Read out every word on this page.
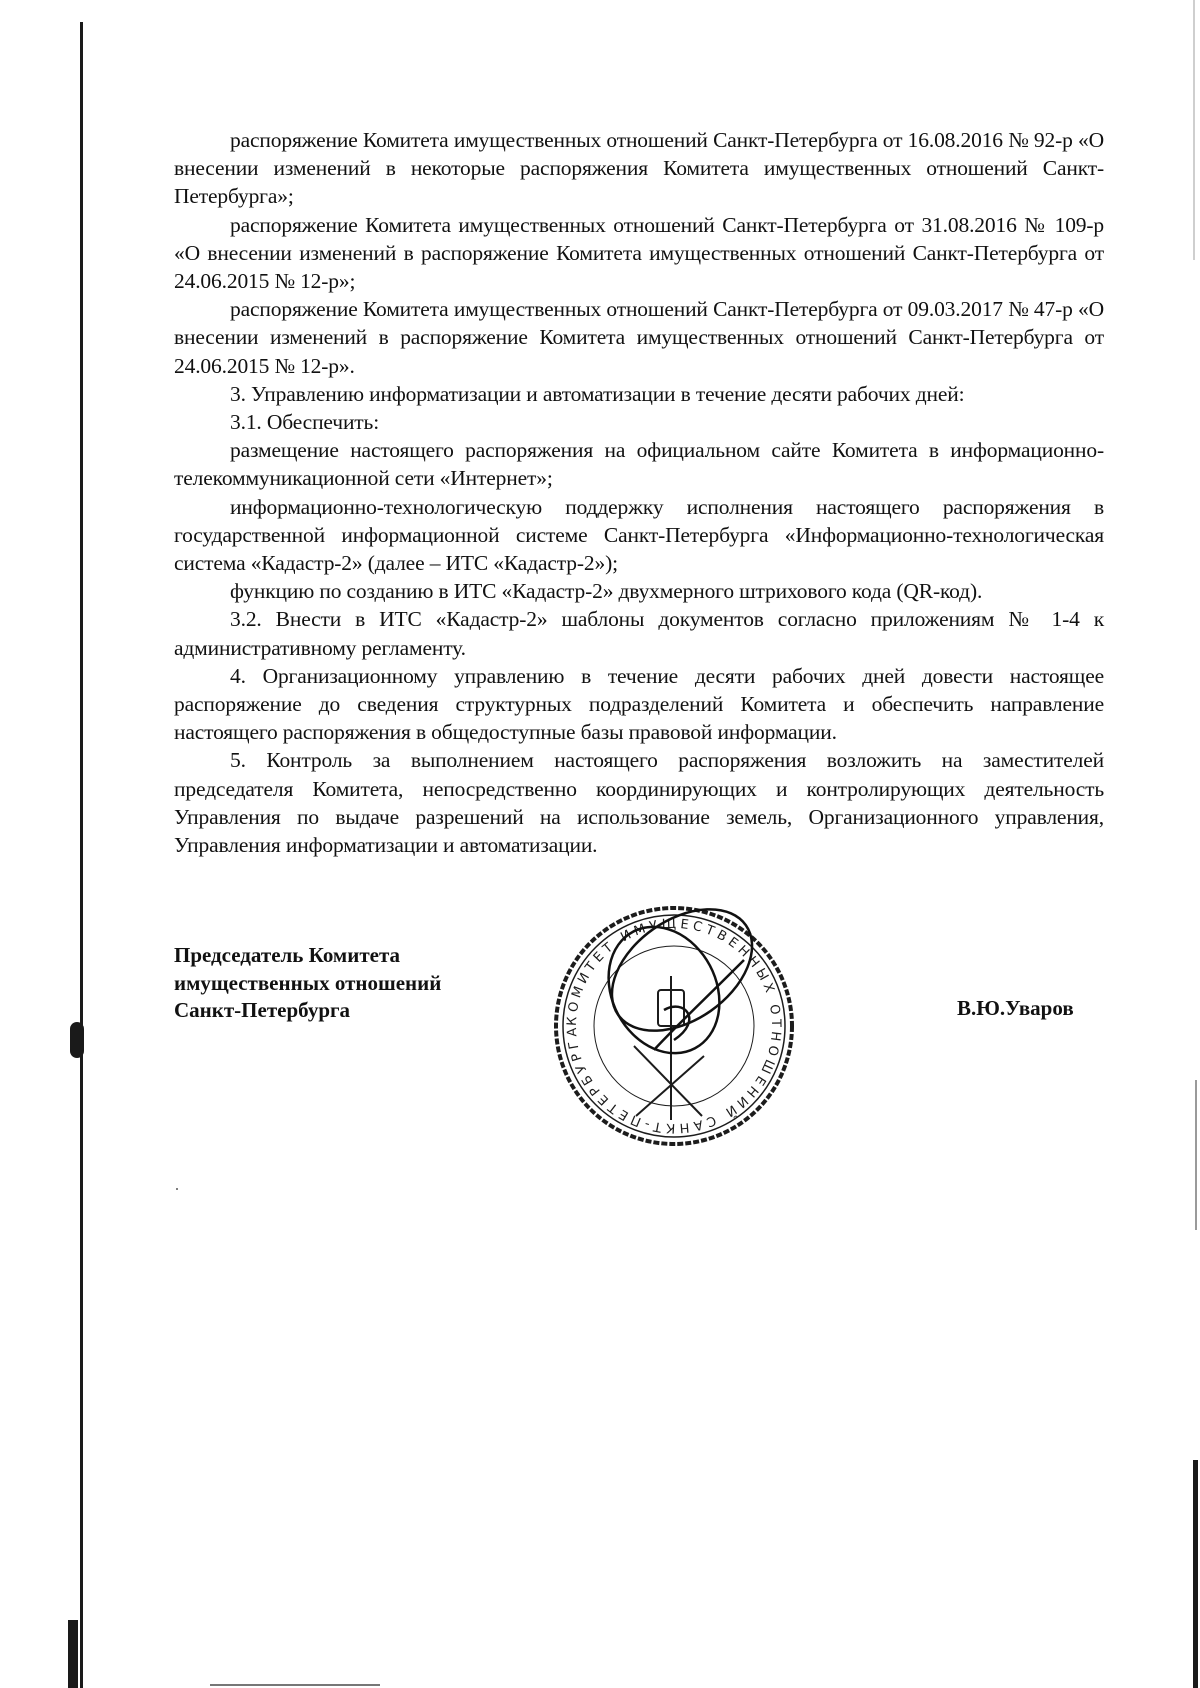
распоряжение Комитета имущественных отношений Санкт-Петербурга от 16.08.2016 № 92-р «О внесении изменений в некоторые распоряжения Комитета имущественных отношений Санкт-Петербурга»;

распоряжение Комитета имущественных отношений Санкт-Петербурга от 31.08.2016 № 109-р «О внесении изменений в распоряжение Комитета имущественных отношений Санкт-Петербурга от 24.06.2015 № 12-р»;

распоряжение Комитета имущественных отношений Санкт-Петербурга от 09.03.2017 № 47-р «О внесении изменений в распоряжение Комитета имущественных отношений Санкт-Петербурга от 24.06.2015 № 12-р».

3. Управлению информатизации и автоматизации в течение десяти рабочих дней:

3.1. Обеспечить:

размещение настоящего распоряжения на официальном сайте Комитета в информационно-телекоммуникационной сети «Интернет»;

информационно-технологическую поддержку исполнения настоящего распоряжения в государственной информационной системе Санкт-Петербурга «Информационно-технологическая система «Кадастр-2» (далее – ИТС «Кадастр-2»);

функцию по созданию в ИТС «Кадастр-2» двухмерного штрихового кода (QR-код).

3.2. Внести в ИТС «Кадастр-2» шаблоны документов согласно приложениям № 1-4 к административному регламенту.

4. Организационному управлению в течение десяти рабочих дней довести настоящее распоряжение до сведения структурных подразделений Комитета и обеспечить направление настоящего распоряжения в общедоступные базы правовой информации.

5. Контроль за выполнением настоящего распоряжения возложить на заместителей председателя Комитета, непосредственно координирующих и контролирующих деятельность Управления по выдаче разрешений на использование земель, Организационного управления, Управления информатизации и автоматизации.

Председатель Комитета
имущественных отношений
Санкт-Петербурга	В.Ю.Уваров
КОМИТЕТ ИМУЩЕСТВЕННЫХ ОТНОШЕНИЙ САНКТ-ПЕТЕРБУРГА
